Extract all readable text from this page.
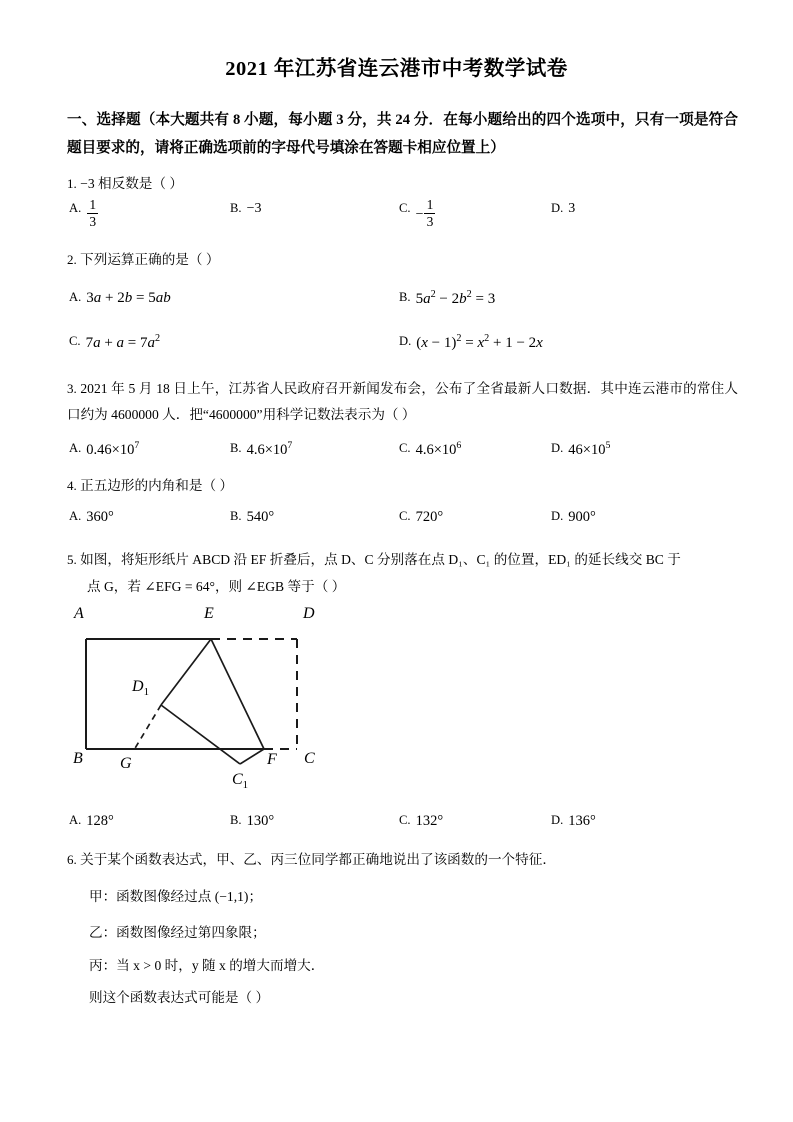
2021 年江苏省连云港市中考数学试卷

一、选择题（本大题共有 8 小题，每小题 3 分，共 24 分．在每小题给出的四个选项中，只有一项是符合题目要求的，请将正确选项前的字母代号填涂在答题卡相应位置上）

1. −3 相反数是（ ）
A. $\frac{1}{3}$	B. −3	C. − $\frac{1}{3}$	D. 3
2. 下列运算正确的是（ ）
A. 3a + 2b = 5ab	B. $5a^2 - 2b^2 = 3$
C. $7a + a = 7a^2$	D. $(x - 1)^2 = x^2 + 1 - 2x$
3. 2021 年 5 月 18 日上午，江苏省人民政府召开新闻发布会，公布了全省最新人口数据．其中连云港市的常住人口约为 4600000 人．把“4600000”用科学记数法表示为（ ）
A. $0.46\times 10^7$	B. $4.6\times 10^7$	C. $4.6\times 10^6$	D. $46\times 10^5$
4. 正五边形的内角和是（ ）
A. 360°	B. 540°	C. 720°	D. 900°
5. 如图，将矩形纸片 ABCD 沿 EF 折叠后，点 D、C 分别落在点 D₁、C₁ 的位置，ED₁ 的延长线交 BC 于
点 G，若 ∠EFG = 64°，则 ∠EGB 等于（ ）
A	E	D
$D_1$
B G	F C
$C_1$
A. 128°	B. 130°	C. 132°	D. 136°
6. 关于某个函数表达式，甲、乙、丙三位同学都正确地说出了该函数的一个特征．
甲：函数图像经过点 (−1,1)；
乙：函数图像经过第四象限；
丙：当 x > 0 时，y 随 x 的增大而增大．
则这个函数表达式可能是（ ）
